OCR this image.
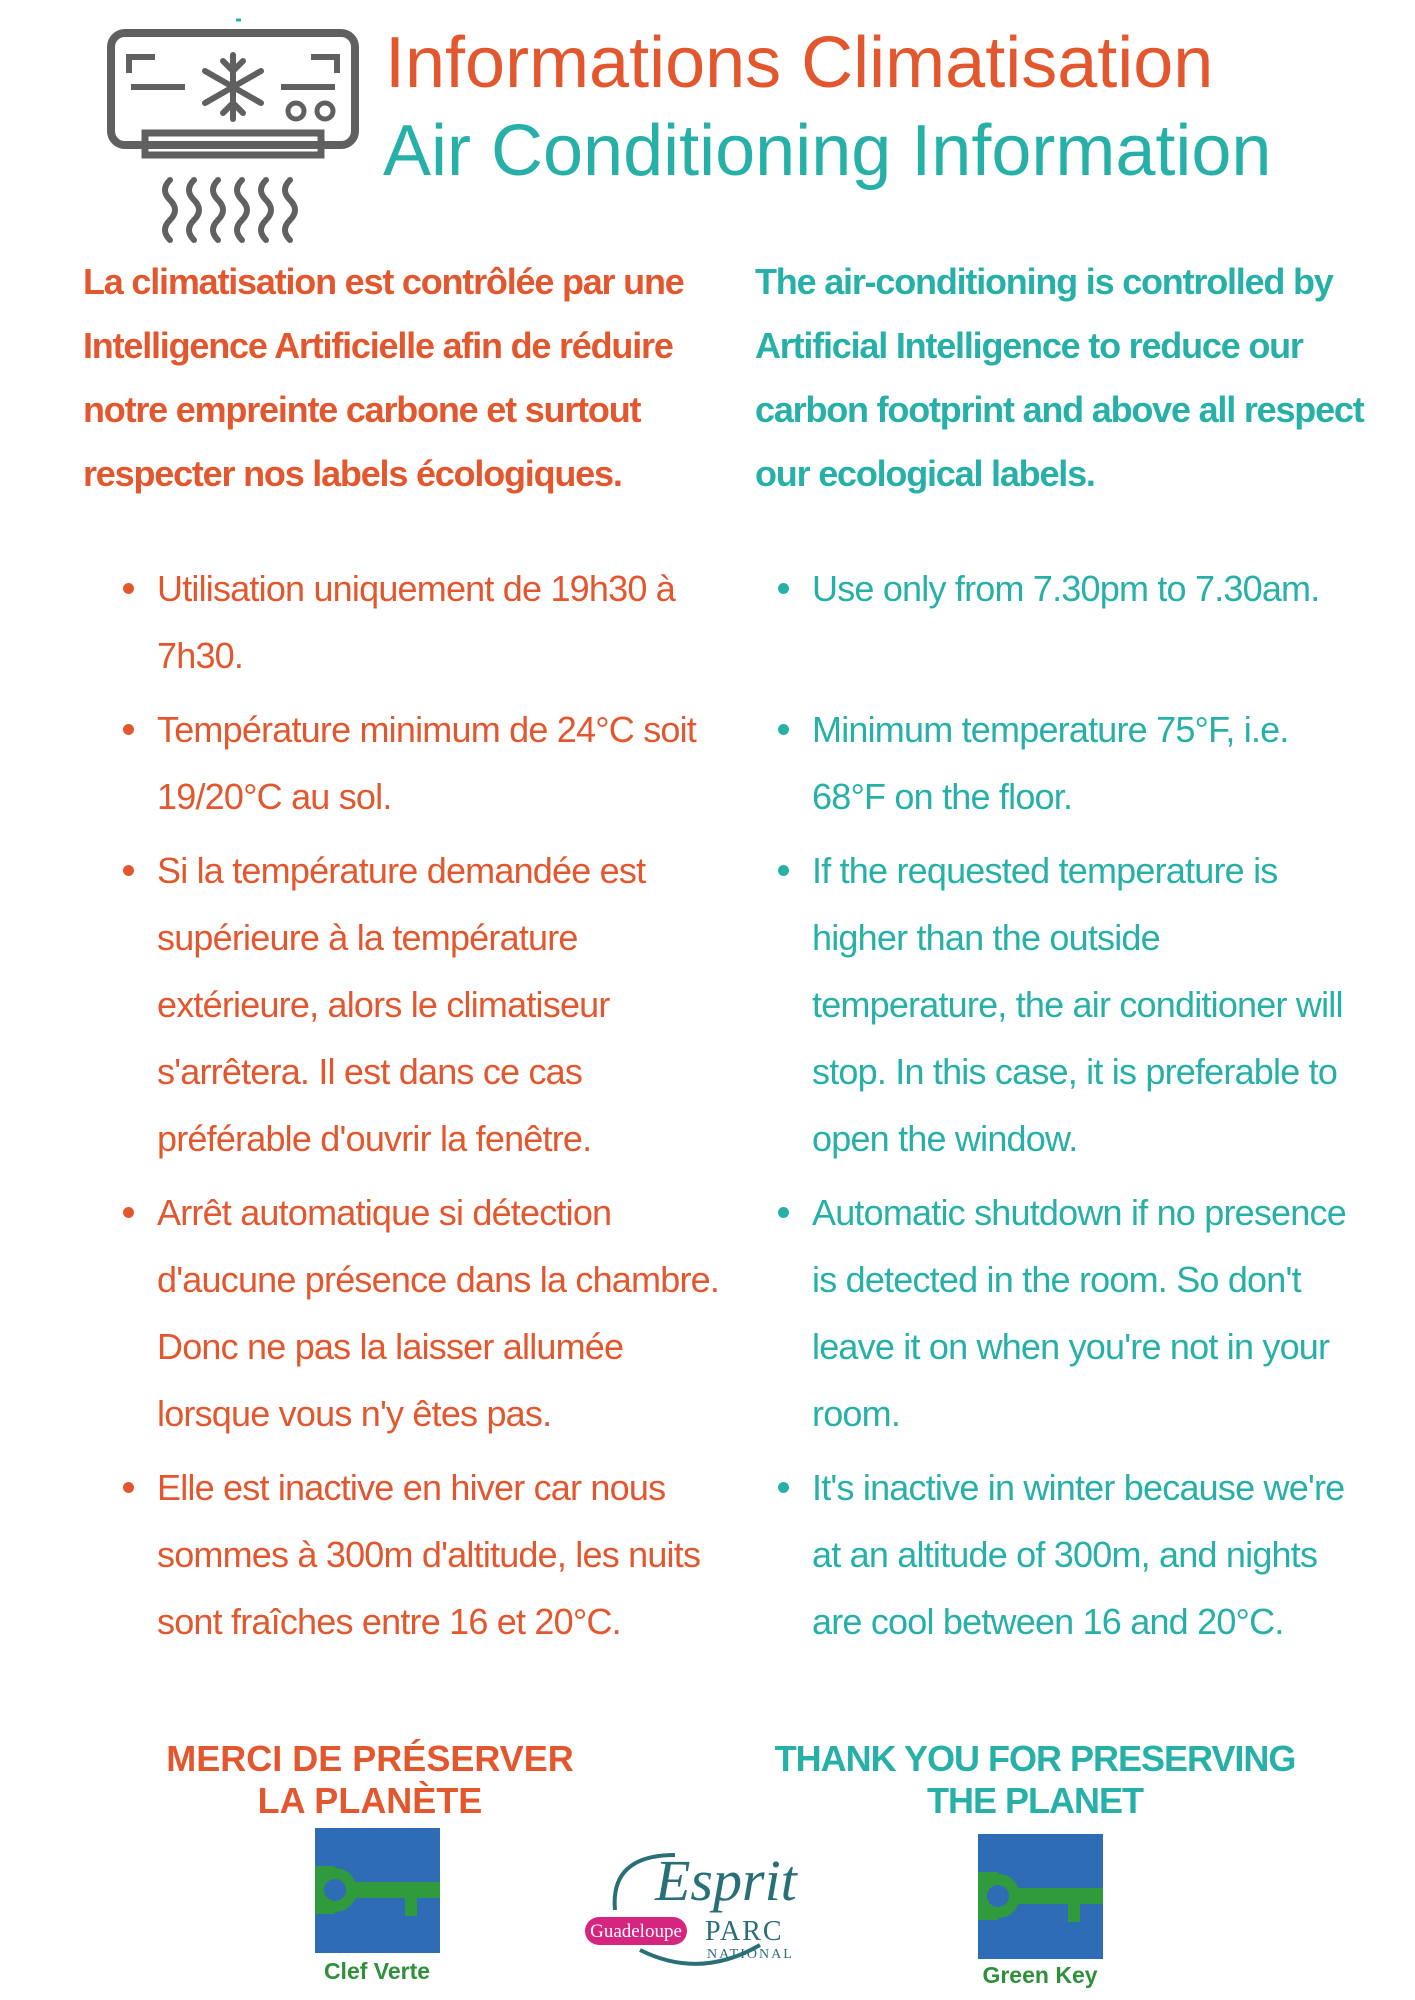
Informations Climatisation
Air Conditioning Information
La climatisation est contrôlée par une Intelligence Artificielle afin de réduire notre empreinte carbone et surtout respecter nos labels écologiques.
The air-conditioning is controlled by Artificial Intelligence to reduce our carbon footprint and above all respect our ecological labels.
Utilisation uniquement de 19h30 à 7h30.
Température minimum de 24°C soit 19/20°C au sol.
Si la température demandée est supérieure à la température extérieure, alors le climatiseur s'arrêtera. Il est dans ce cas préférable d'ouvrir la fenêtre.
Arrêt automatique si détection d'aucune présence dans la chambre. Donc ne pas la laisser allumée lorsque vous n'y êtes pas.
Elle est inactive en hiver car nous sommes à 300m d'altitude, les nuits sont fraîches entre 16 et 20°C.
Use only from 7.30pm to 7.30am.
Minimum temperature 75°F, i.e. 68°F on the floor.
If the requested temperature is higher than the outside temperature, the air conditioner will stop. In this case, it is preferable to open the window.
Automatic shutdown if no presence is detected in the room. So don't leave it on when you're not in your room.
It's inactive in winter because we're at an altitude of 300m, and nights are cool between 16 and 20°C.
MERCI DE PRÉSERVER
LA PLANÈTE
THANK YOU FOR PRESERVING
THE PLANET
Clef Verte
Esprit
Guadeloupe PARC
NATIONAL
Green Key
